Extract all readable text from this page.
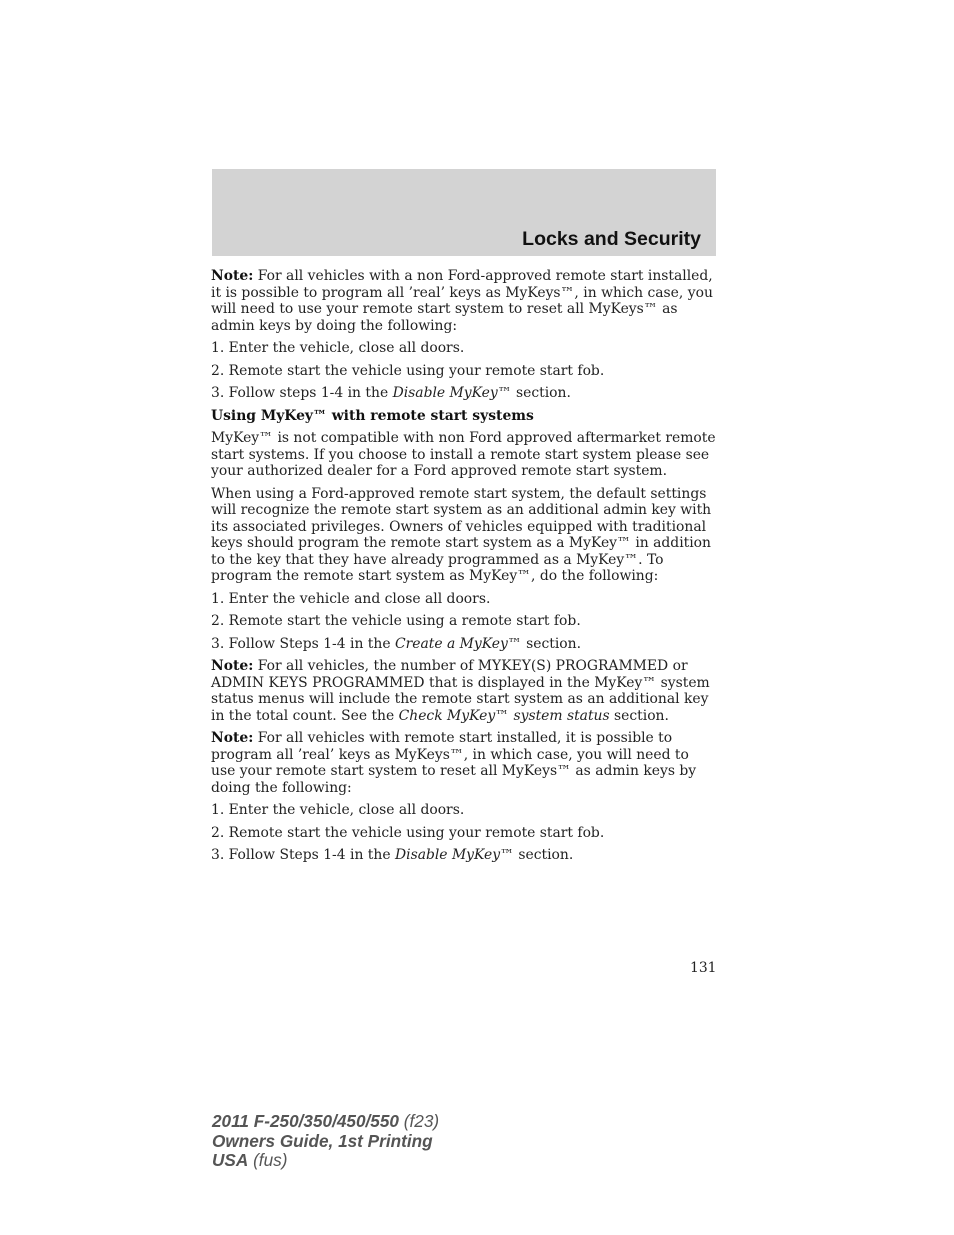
Locks and Security

Note: For all vehicles with a non Ford-approved remote start installed, it is possible to program all ’real’ keys as MyKeys™, in which case, you will need to use your remote start system to reset all MyKeys™ as admin keys by doing the following:

1. Enter the vehicle, close all doors.

2. Remote start the vehicle using your remote start fob.

3. Follow steps 1-4 in the Disable MyKey™ section.

Using MyKey™ with remote start systems

MyKey™ is not compatible with non Ford approved aftermarket remote start systems. If you choose to install a remote start system please see your authorized dealer for a Ford approved remote start system.

When using a Ford-approved remote start system, the default settings will recognize the remote start system as an additional admin key with its associated privileges. Owners of vehicles equipped with traditional keys should program the remote start system as a MyKey™ in addition to the key that they have already programmed as a MyKey™. To program the remote start system as MyKey™, do the following:

1. Enter the vehicle and close all doors.

2. Remote start the vehicle using a remote start fob.

3. Follow Steps 1-4 in the Create a MyKey™ section.

Note: For all vehicles, the number of MYKEY(S) PROGRAMMED or ADMIN KEYS PROGRAMMED that is displayed in the MyKey™ system status menus will include the remote start system as an additional key in the total count. See the Check MyKey™ system status section.

Note: For all vehicles with remote start installed, it is possible to program all ’real’ keys as MyKeys™, in which case, you will need to use your remote start system to reset all MyKeys™ as admin keys by doing the following:

1. Enter the vehicle, close all doors.

2. Remote start the vehicle using your remote start fob.

3. Follow Steps 1-4 in the Disable MyKey™ section.

131
2011 F-250/350/450/550 (f23)
Owners Guide, 1st Printing
USA (fus)
